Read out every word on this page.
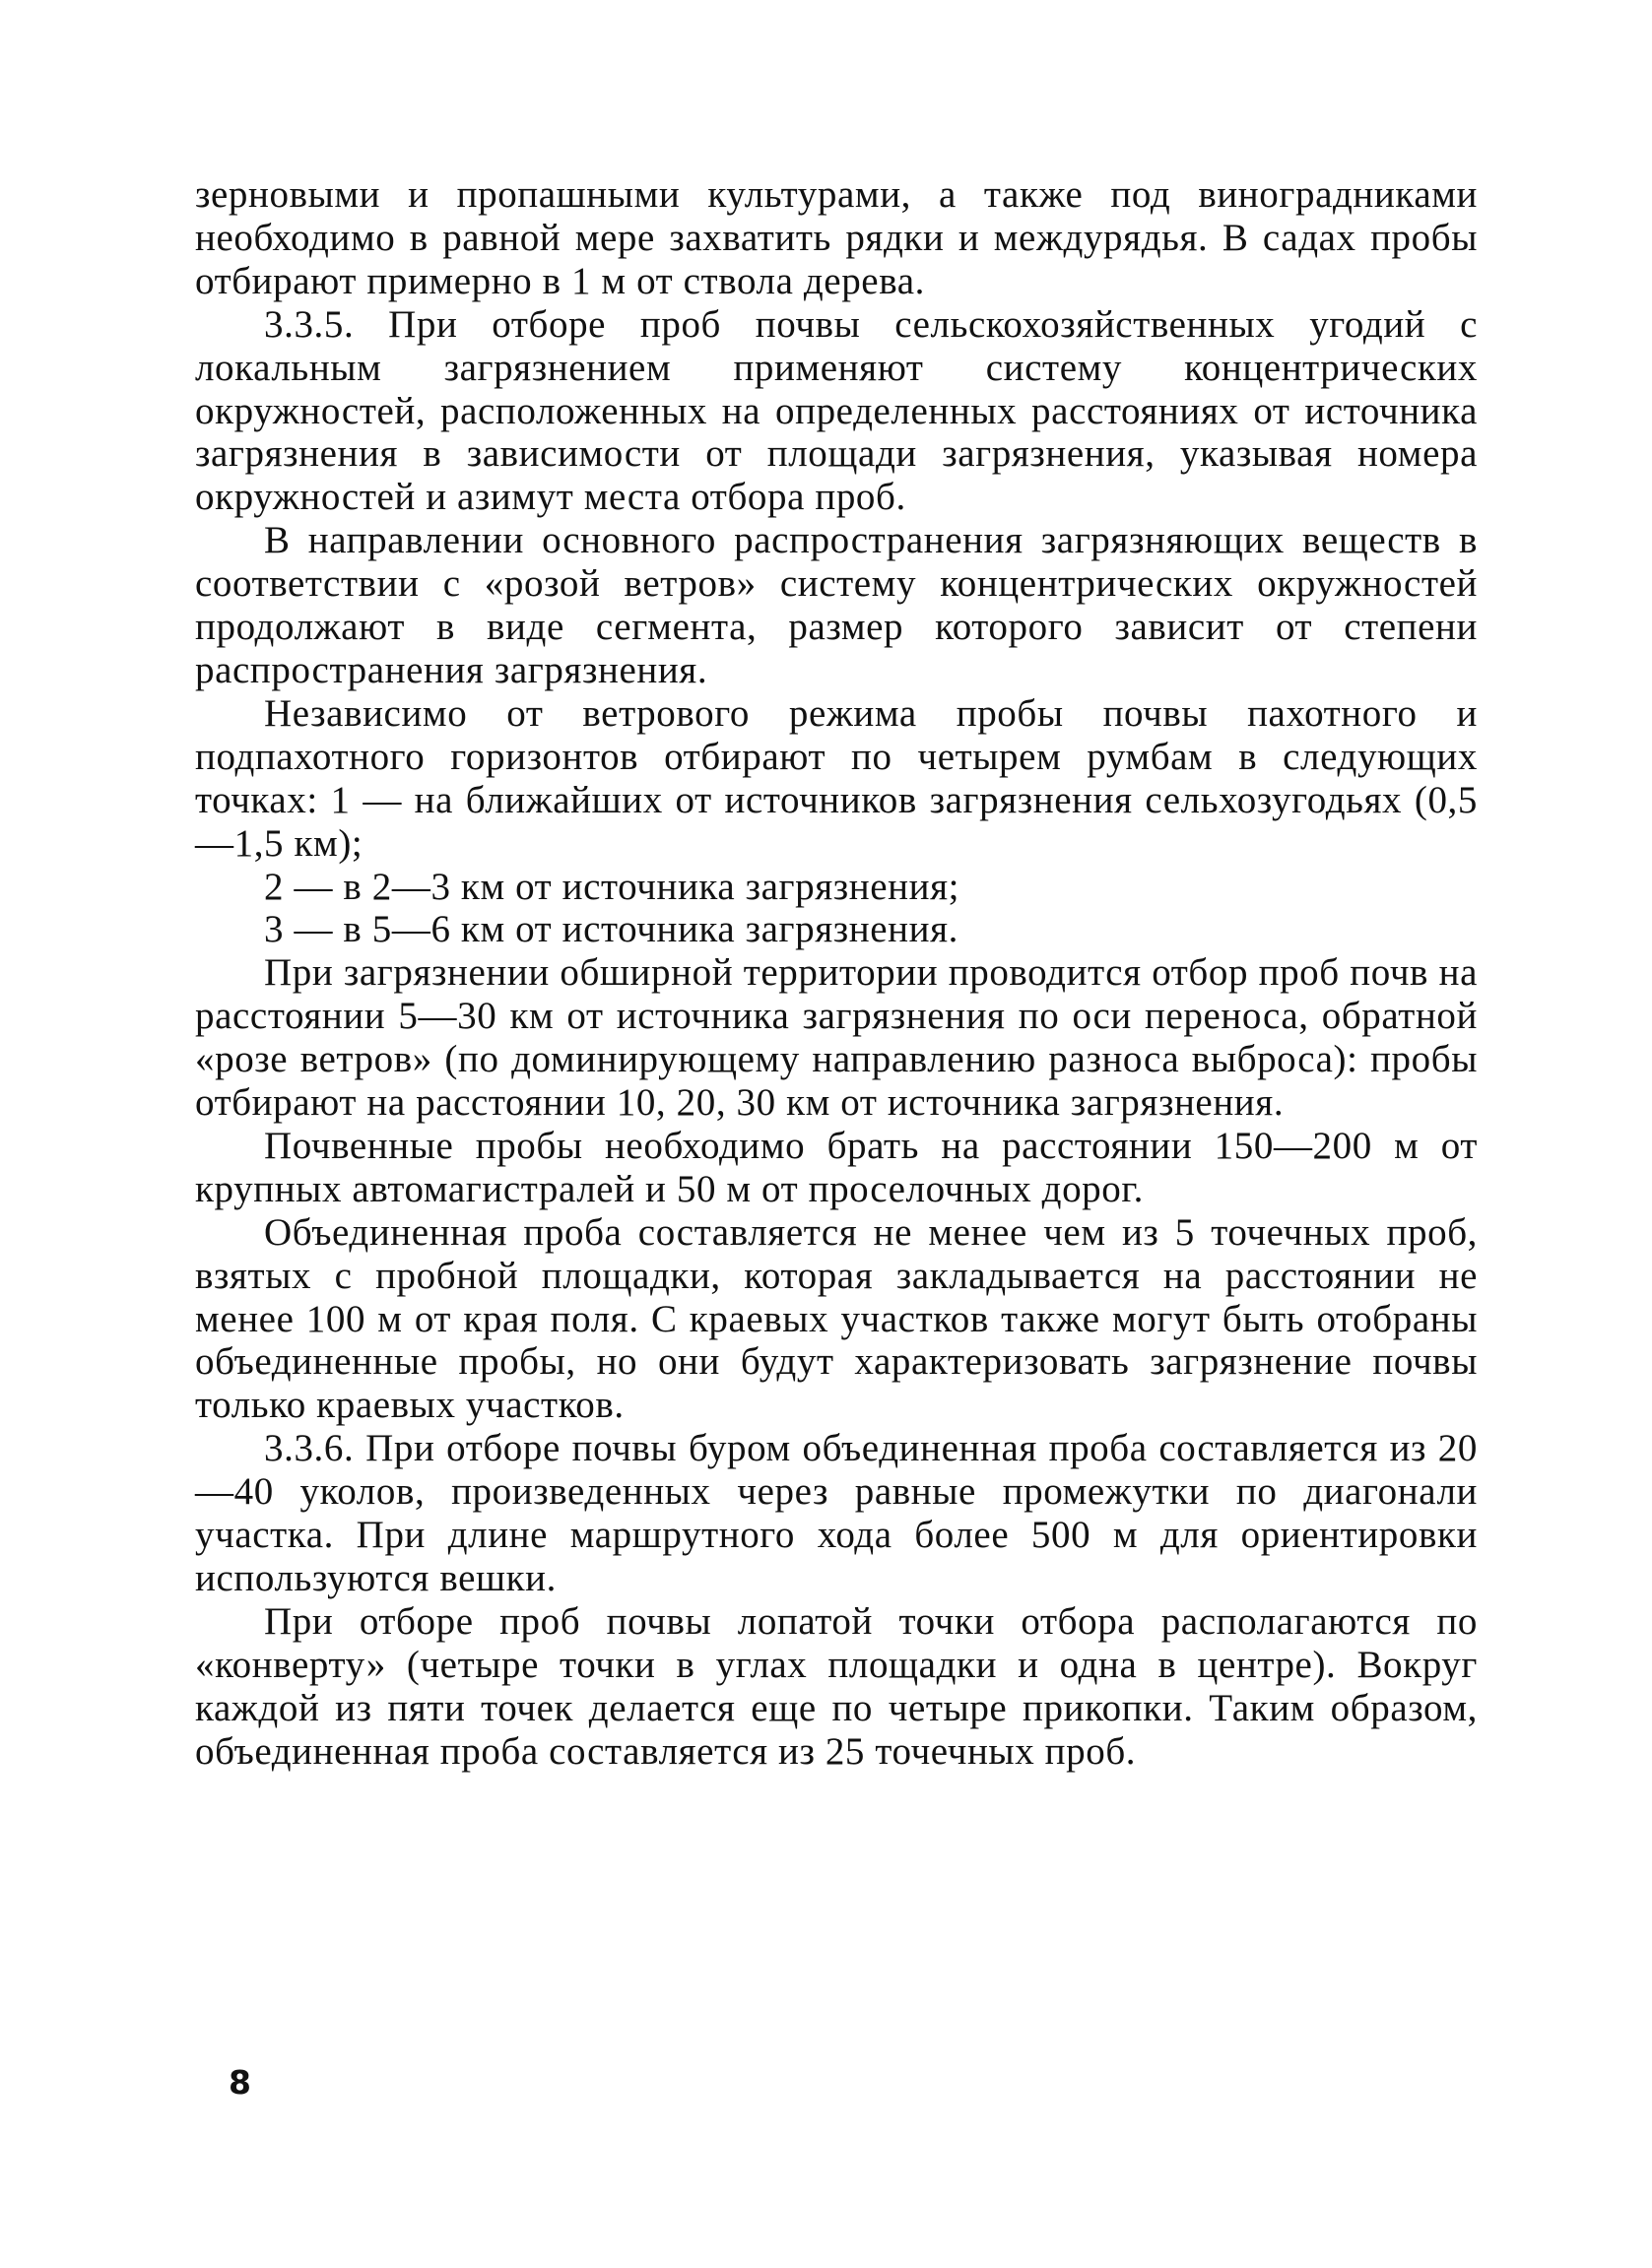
зерновыми и пропашными культурами, а также под виноградниками необходимо в равной мере захватить рядки и междурядья. В садах пробы отбирают примерно в 1 м от ствола дерева.

3.3.5. При отборе проб почвы сельскохозяйственных угодий с локальным загрязнением применяют систему концентрических окружностей, расположенных на определенных расстояниях от источника загрязнения в зависимости от площади загрязнения, указывая номера окружностей и азимут места отбора проб.

В направлении основного распространения загрязняющих веществ в соответствии с «розой ветров» систему концентрических окружностей продолжают в виде сегмента, размер которого зависит от степени распространения загрязнения.

Независимо от ветрового режима пробы почвы пахотного и подпахотного горизонтов отбирают по четырем румбам в следующих точках: 1 — на ближайших от источников загрязнения сельхозугодьях (0,5—1,5 км);

2 — в 2—3 км от источника загрязнения;

3 — в 5—6 км от источника загрязнения.

При загрязнении обширной территории проводится отбор проб почв на расстоянии 5—30 км от источника загрязнения по оси переноса, обратной «розе ветров» (по доминирующему направлению разноса выброса): пробы отбирают на расстоянии 10, 20, 30 км от источника загрязнения.

Почвенные пробы необходимо брать на расстоянии 150—200 м от крупных автомагистралей и 50 м от проселочных дорог.

Объединенная проба составляется не менее чем из 5 точечных проб, взятых с пробной площадки, которая закладывается на расстоянии не менее 100 м от края поля. С краевых участков также могут быть отобраны объединенные пробы, но они будут характеризовать загрязнение почвы только краевых участков.

3.3.6. При отборе почвы буром объединенная проба составляется из 20—40 уколов, произведенных через равные промежутки по диагонали участка. При длине маршрутного хода более 500 м для ориентировки используются вешки.

При отборе проб почвы лопатой точки отбора располагаются по «конверту» (четыре точки в углах площадки и одна в центре). Вокруг каждой из пяти точек делается еще по четыре прикопки. Таким образом, объединенная проба составляется из 25 точечных проб.

8
